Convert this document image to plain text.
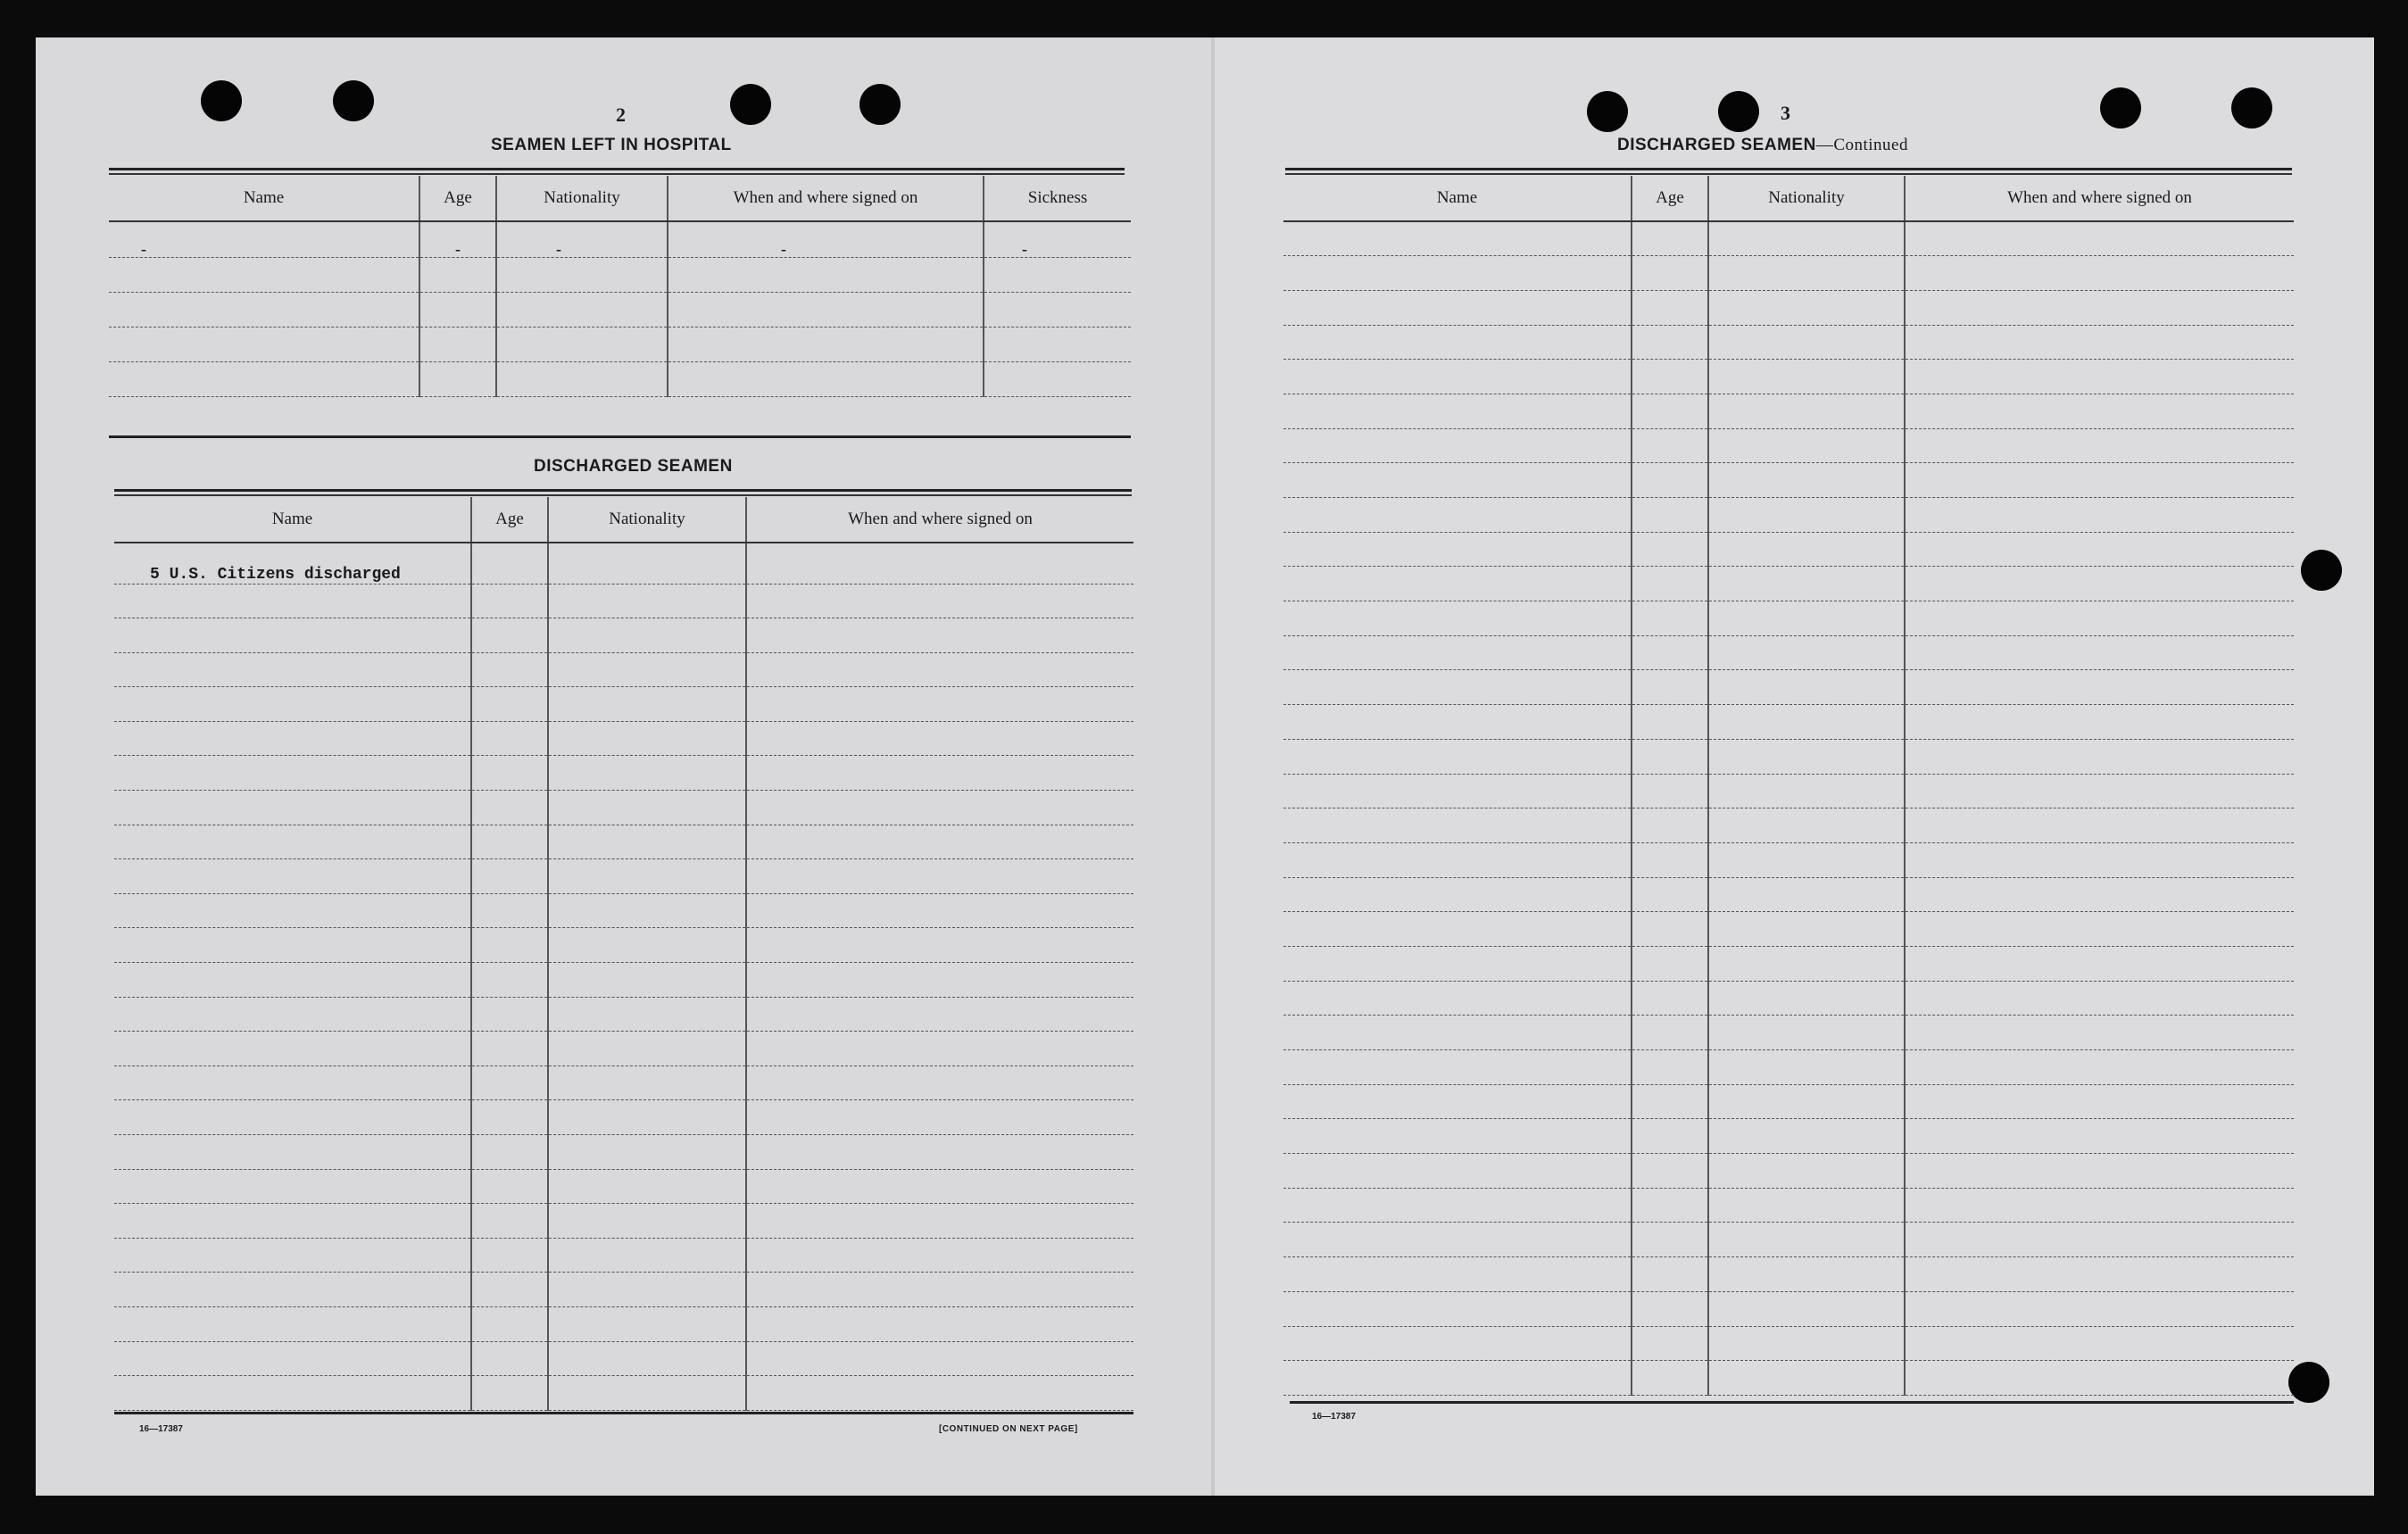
2
SEAMEN LEFT IN HOSPITAL
Name	Age	Nationality	When and where signed on	Sickness

-	-	-	-	-

DISCHARGED SEAMEN
Name	Age	Nationality	When and where signed on
5 U.S. Citizens discharged			

16—17387	[CONTINUED ON NEXT PAGE]
3
DISCHARGED SEAMEN—Continued
Name	Age	Nationality	When and where signed on

16—17387
